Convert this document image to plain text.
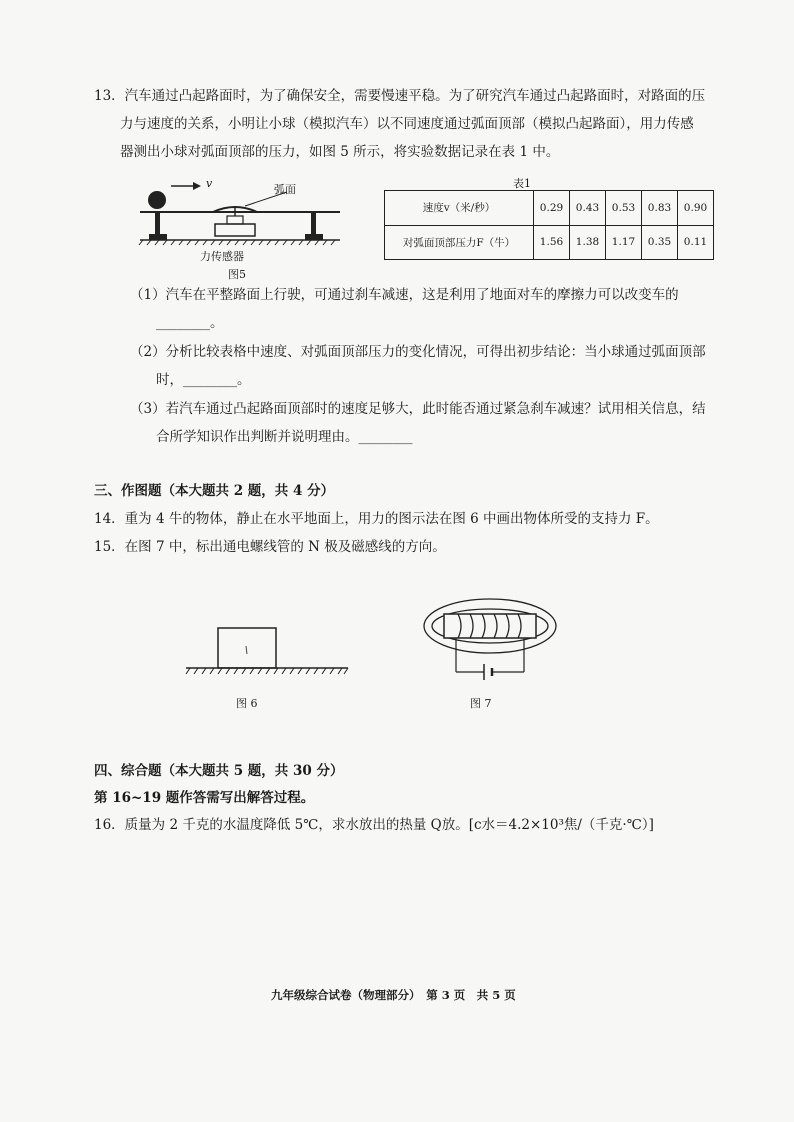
13．汽车通过凸起路面时，为了确保安全，需要慢速平稳。为了研究汽车通过凸起路面时，对路面的压
力与速度的关系，小明让小球（模拟汽车）以不同速度通过弧面顶部（模拟凸起路面），用力传感
器测出小球对弧面顶部的压力，如图 5 所示，将实验数据记录在表 1 中。
v	弧面
力传感器
图5
表1
速度v（米/秒）	0.29	0.43	0.53	0.83	0.90
对弧面顶部压力F（牛）	1.56	1.38	1.17	0.35	0.11
（1）汽车在平整路面上行驶，可通过刹车减速，这是利用了地面对车的摩擦力可以改变车的
________。
（2）分析比较表格中速度、对弧面顶部压力的变化情况，可得出初步结论：当小球通过弧面顶部
时，________。
（3）若汽车通过凸起路面顶部时的速度足够大，此时能否通过紧急刹车减速？试用相关信息，结
合所学知识作出判断并说明理由。________
三、作图题（本大题共 2 题，共 4 分）
14．重为 4 牛的物体，静止在水平地面上，用力的图示法在图 6 中画出物体所受的支持力 F。
15．在图 7 中，标出通电螺线管的 N 极及磁感线的方向。
图 6	图 7
四、综合题（本大题共 5 题，共 30 分）
第 16~19 题作答需写出解答过程。
16．质量为 2 千克的水温度降低 5℃，求水放出的热量 Q放。[c水＝4.2×10³焦/（千克·℃）]
九年级综合试卷（物理部分）　第 3 页　共 5 页
